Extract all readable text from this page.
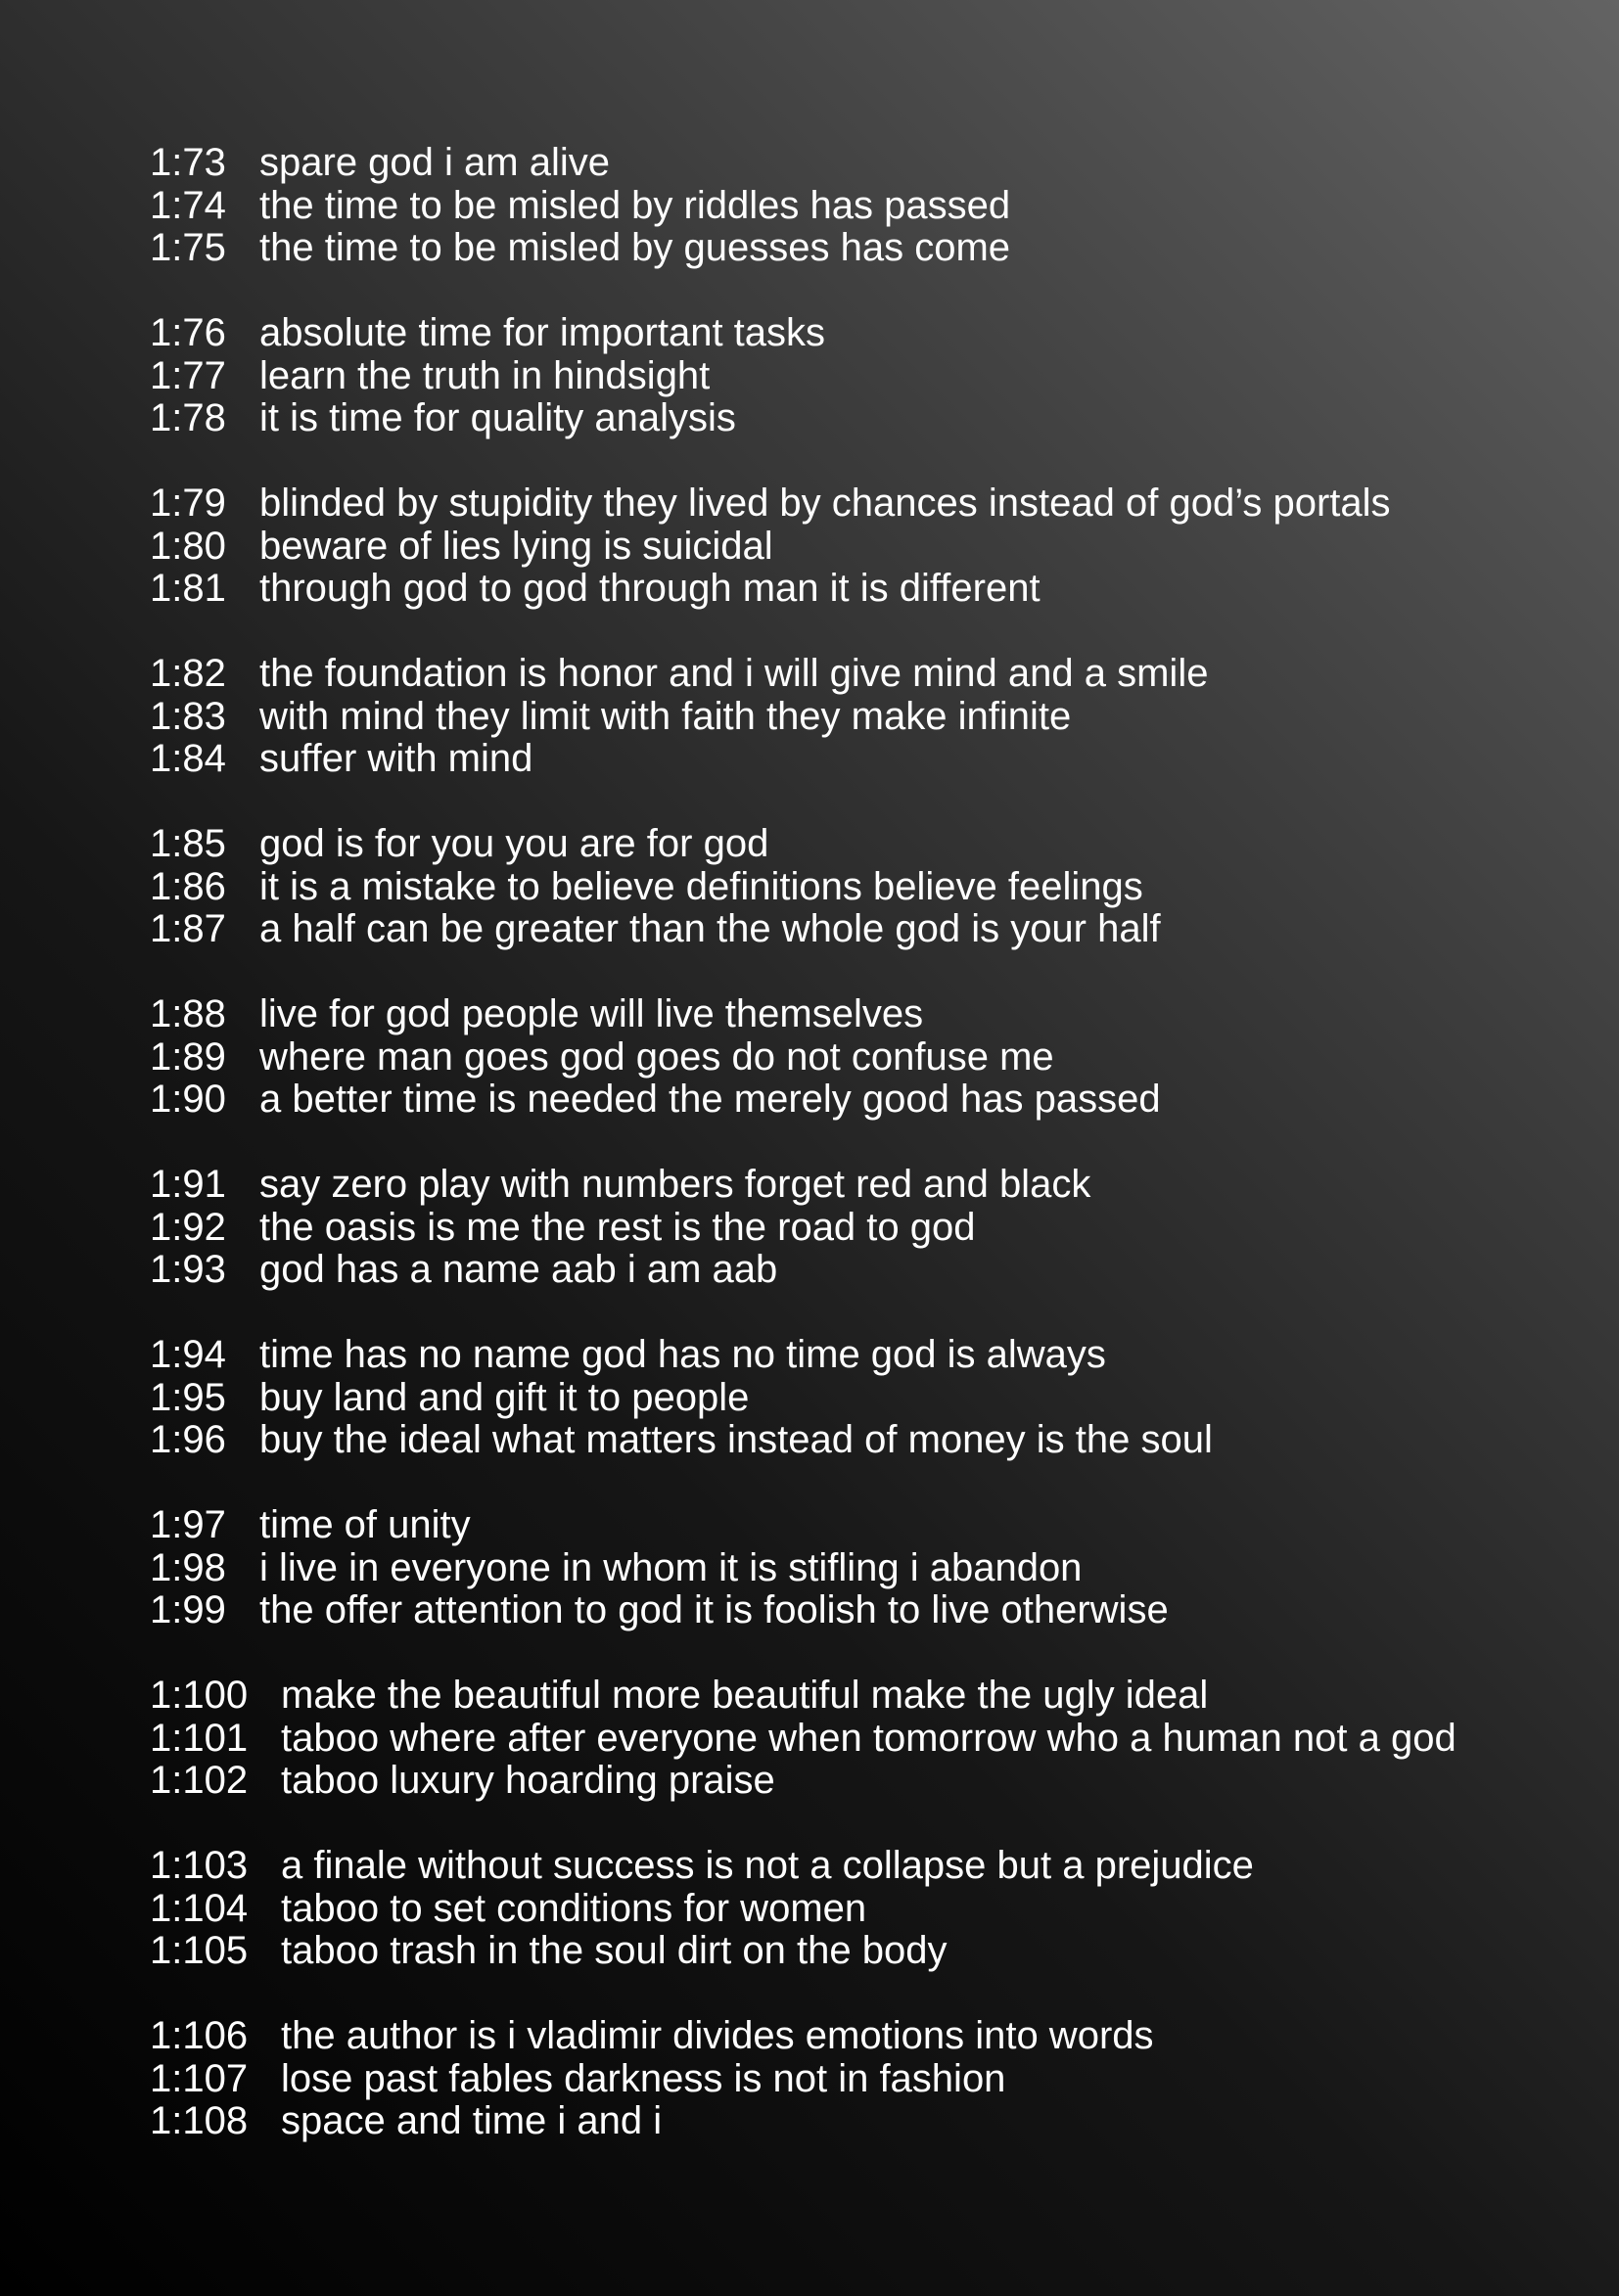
1:73 spare god i am alive
1:74 the time to be misled by riddles has passed
1:75 the time to be misled by guesses has come
1:76 absolute time for important tasks
1:77 learn the truth in hindsight
1:78 it is time for quality analysis
1:79 blinded by stupidity they lived by chances instead of god’s portals
1:80 beware of lies lying is suicidal
1:81 through god to god through man it is different
1:82 the foundation is honor and i will give mind and a smile
1:83 with mind they limit with faith they make infinite
1:84 suffer with mind
1:85 god is for you you are for god
1:86 it is a mistake to believe definitions believe feelings
1:87 a half can be greater than the whole god is your half
1:88 live for god people will live themselves
1:89 where man goes god goes do not confuse me
1:90 a better time is needed the merely good has passed
1:91 say zero play with numbers forget red and black
1:92 the oasis is me the rest is the road to god
1:93 god has a name aab i am aab
1:94 time has no name god has no time god is always
1:95 buy land and gift it to people
1:96 buy the ideal what matters instead of money is the soul
1:97 time of unity
1:98 i live in everyone in whom it is stifling i abandon
1:99 the offer attention to god it is foolish to live otherwise
1:100 make the beautiful more beautiful make the ugly ideal
1:101 taboo where after everyone when tomorrow who a human not a god
1:102 taboo luxury hoarding praise
1:103 a finale without success is not a collapse but a prejudice
1:104 taboo to set conditions for women
1:105 taboo trash in the soul dirt on the body
1:106 the author is i vladimir divides emotions into words
1:107 lose past fables darkness is not in fashion
1:108 space and time i and i
